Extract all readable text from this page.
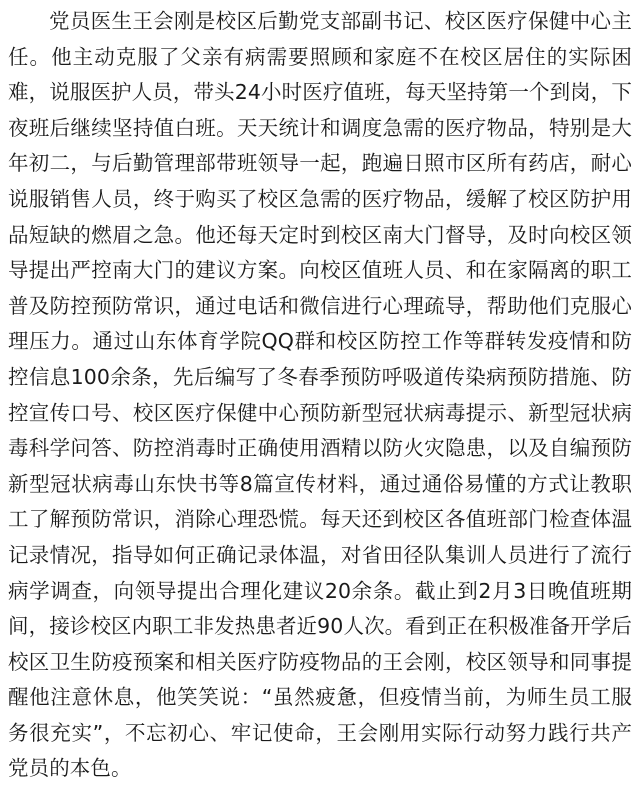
党员医生王会刚是校区后勤党支部副书记、校区医疗保健中心主任。他主动克服了父亲有病需要照顾和家庭不在校区居住的实际困难，说服医护人员，带头24小时医疗值班，每天坚持第一个到岗，下夜班后继续坚持值白班。天天统计和调度急需的医疗物品，特别是大年初二，与后勤管理部带班领导一起，跑遍日照市区所有药店，耐心说服销售人员，终于购买了校区急需的医疗物品，缓解了校区防护用品短缺的燃眉之急。他还每天定时到校区南大门督导，及时向校区领导提出严控南大门的建议方案。向校区值班人员、和在家隔离的职工普及防控预防常识，通过电话和微信进行心理疏导，帮助他们克服心理压力。通过山东体育学院QQ群和校区防控工作等群转发疫情和防控信息100余条，先后编写了冬春季预防呼吸道传染病预防措施、防控宣传口号、校区医疗保健中心预防新型冠状病毒提示、新型冠状病毒科学问答、防控消毒时正确使用酒精以防火灾隐患，以及自编预防新型冠状病毒山东快书等8篇宣传材料，通过通俗易懂的方式让教职工了解预防常识，消除心理恐慌。每天还到校区各值班部门检查体温记录情况，指导如何正确记录体温，对省田径队集训人员进行了流行病学调查，向领导提出合理化建议20余条。截止到2月3日晚值班期间，接诊校区内职工非发热患者近90人次。看到正在积极准备开学后校区卫生防疫预案和相关医疗防疫物品的王会刚，校区领导和同事提醒他注意休息，他笑笑说：“虽然疲惫，但疫情当前，为师生员工服务很充实”，不忘初心、牢记使命，王会刚用实际行动努力践行共产党员的本色。
